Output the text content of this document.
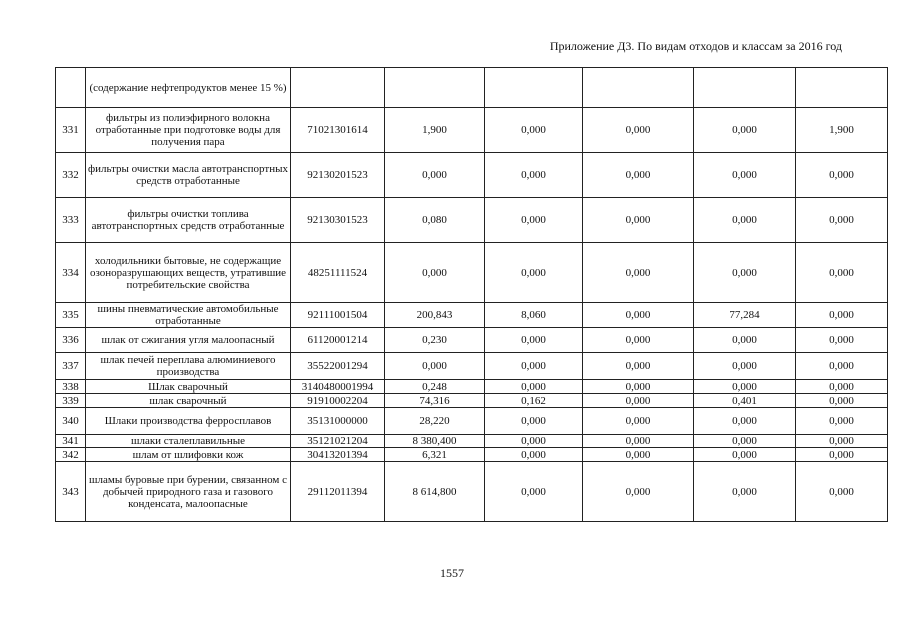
Приложение Д3. По видам отходов и классам за 2016 год
	(содержание нефтепродуктов менее 15 %)						
331	фильтры из полиэфирного волокна отработанные при подготовке воды для получения пара	71021301614	1,900	0,000	0,000	0,000	1,900
332	фильтры очистки масла автотранспортных средств отработанные	92130201523	0,000	0,000	0,000	0,000	0,000
333	фильтры очистки топлива автотранспортных средств отработанные	92130301523	0,080	0,000	0,000	0,000	0,000
334	холодильники бытовые, не содержащие озоноразрушающих веществ, утратившие потребительские свойства	48251111524	0,000	0,000	0,000	0,000	0,000
335	шины пневматические автомобильные отработанные	92111001504	200,843	8,060	0,000	77,284	0,000
336	шлак от сжигания угля малоопасный	61120001214	0,230	0,000	0,000	0,000	0,000
337	шлак печей переплава алюминиевого производства	35522001294	0,000	0,000	0,000	0,000	0,000
338	Шлак сварочный	3140480001994	0,248	0,000	0,000	0,000	0,000
339	шлак сварочный	91910002204	74,316	0,162	0,000	0,401	0,000
340	Шлаки производства ферросплавов	35131000000	28,220	0,000	0,000	0,000	0,000
341	шлаки сталеплавильные	35121021204	8 380,400	0,000	0,000	0,000	0,000
342	шлам от шлифовки кож	30413201394	6,321	0,000	0,000	0,000	0,000
343	шламы буровые при бурении, связанном с добычей природного газа и газового конденсата, малоопасные	29112011394	8 614,800	0,000	0,000	0,000	0,000
1557
